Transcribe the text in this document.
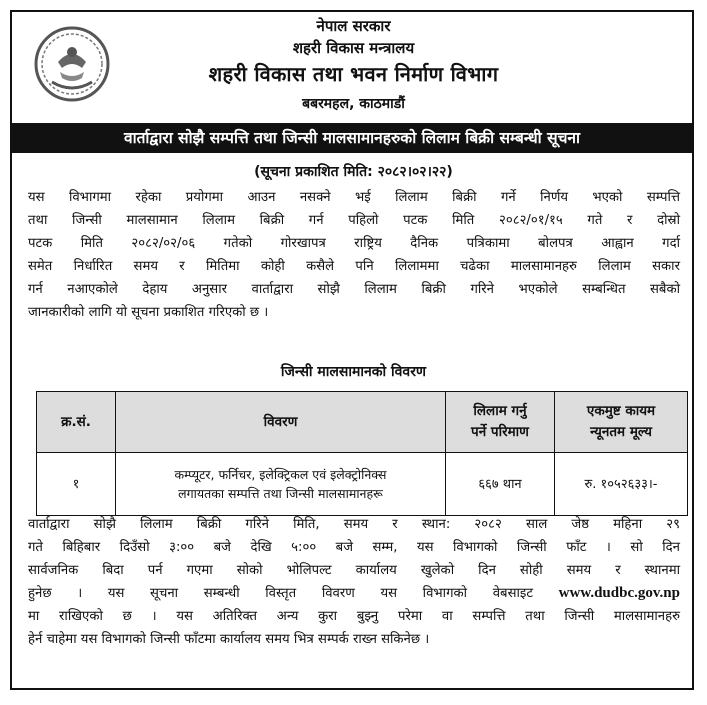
नेपाल सरकार
शहरी विकास मन्त्रालय
शहरी विकास तथा भवन निर्माण विभाग
बबरमहल, काठमाडौं
वार्ताद्वारा सोझै सम्पत्ति तथा जिन्सी मालसामानहरुको लिलाम बिक्री सम्बन्धी सूचना
(सूचना प्रकाशित मिति: २०८२।०२।२२)
यस विभागमा रहेका प्रयोगमा आउन नसक्ने भई लिलाम बिक्री गर्ने निर्णय भएको सम्पत्ति
तथा जिन्सी मालसामान लिलाम बिक्री गर्न पहिलो पटक मिति २०८२/०१/१५ गते र दोस्रो
पटक मिति २०८२/०२/०६ गतेको गोरखापत्र राष्ट्रिय दैनिक पत्रिकामा बोलपत्र आह्वान गर्दा
समेत निर्धारित समय र मितिमा कोही कसैले पनि लिलाममा चढेका मालसामानहरु लिलाम सकार
गर्न नआएकोले देहाय अनुसार वार्ताद्वारा सोझै लिलाम बिक्री गरिने भएकोले सम्बन्धित सबैको
जानकारीको लागि यो सूचना प्रकाशित गरिएको छ ।
जिन्सी मालसामानको विवरण
क्र.सं.	विवरण	लिलाम गर्नु
पर्ने परिमाण	एकमुष्ट कायम
न्यूनतम मूल्य
१	कम्प्यूटर, फर्निचर, इलेक्ट्रिकल एवं इलेक्ट्रोनिक्स
लगायतका सम्पत्ति तथा जिन्सी मालसामानहरू	६६७ थान	रु. १०५२६३३।-
वार्ताद्वारा सोझै लिलाम बिक्री गरिने मिति, समय र स्थान: २०८२ साल जेष्ठ महिना २९
गते बिहिबार दिउँसो ३:०० बजे देखि ५:०० बजे सम्म, यस विभागको जिन्सी फाँट । सो दिन
सार्वजनिक बिदा पर्न गएमा सोको भोलिपल्ट कार्यालय खुलेको दिन सोही समय र स्थानमा
हुनेछ । यस सूचना सम्बन्धी विस्तृत विवरण यस विभागको वेबसाइट www.dudbc.gov.np
मा राखिएको छ । यस अतिरिक्त अन्य कुरा बुझ्नु परेमा वा सम्पत्ति तथा जिन्सी मालसामानहरु
हेर्न चाहेमा यस विभागको जिन्सी फाँटमा कार्यालय समय भित्र सम्पर्क राख्न सकिनेछ ।
